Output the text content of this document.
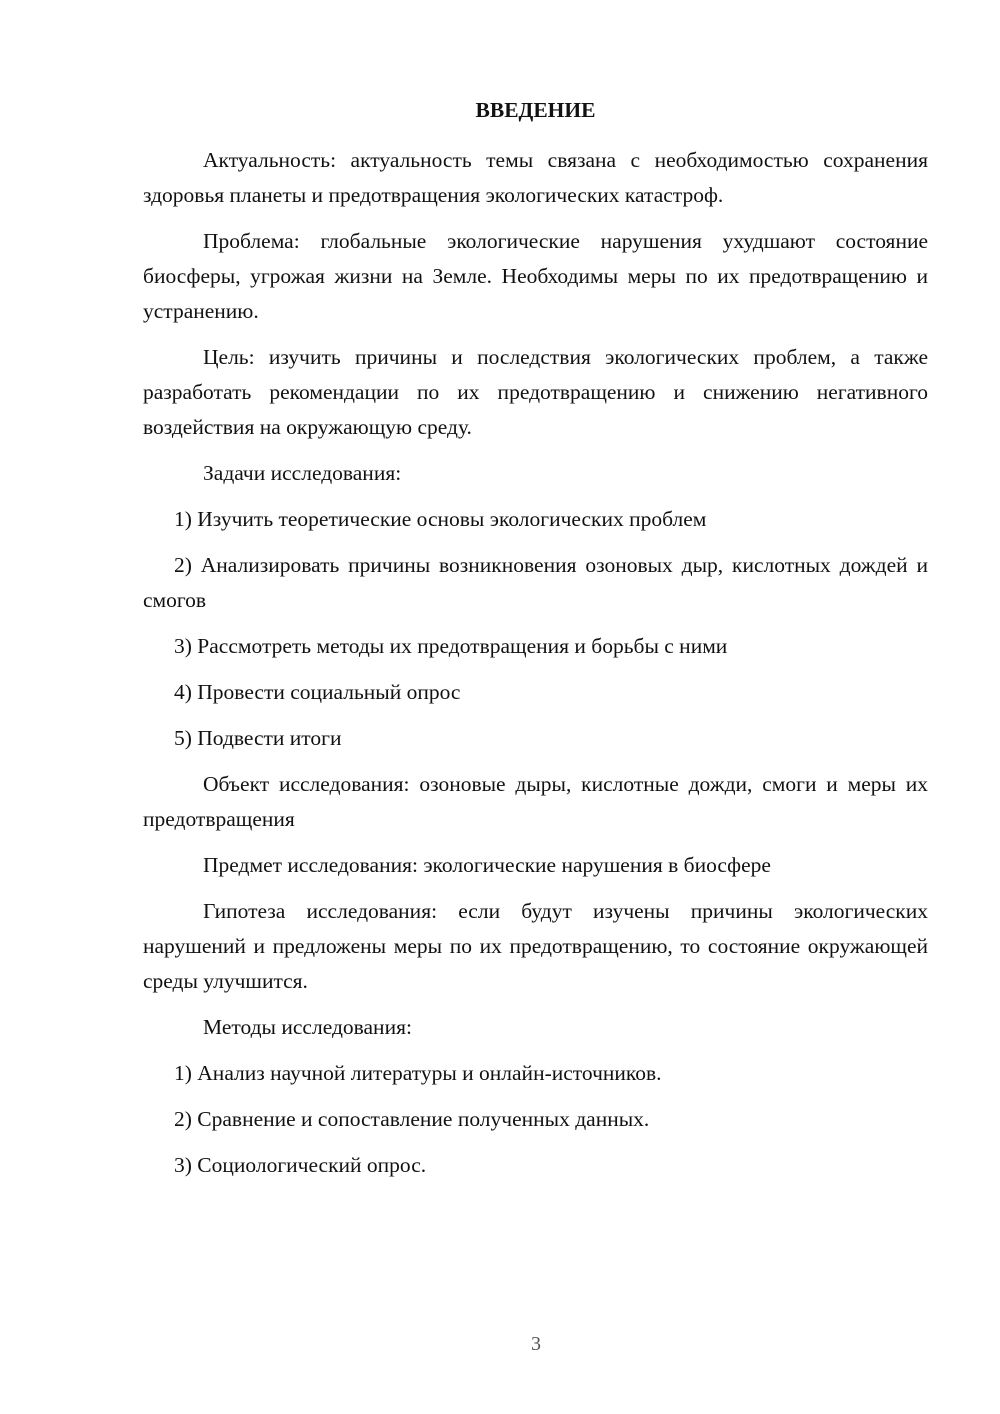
ВВЕДЕНИЕ

Актуальность: актуальность темы связана с необходимостью сохранения здоровья планеты и предотвращения экологических катастроф.

Проблема: глобальные экологические нарушения ухудшают состояние биосферы, угрожая жизни на Земле. Необходимы меры по их предотвращению и устранению.

Цель: изучить причины и последствия экологических проблем, а также разработать рекомендации по их предотвращению и снижению негативного воздействия на окружающую среду.

Задачи исследования:

1) Изучить теоретические основы экологических проблем

2) Анализировать причины возникновения озоновых дыр, кислотных дождей и смогов

3) Рассмотреть методы их предотвращения и борьбы с ними

4) Провести социальный опрос

5) Подвести итоги

Объект исследования: озоновые дыры, кислотные дожди, смоги и меры их предотвращения

Предмет исследования: экологические нарушения в биосфере

Гипотеза исследования: если будут изучены причины экологических нарушений и предложены меры по их предотвращению, то состояние окружающей среды улучшится.

Методы исследования:

1) Анализ научной литературы и онлайн-источников.

2) Сравнение и сопоставление полученных данных.

3) Социологический опрос.

3
